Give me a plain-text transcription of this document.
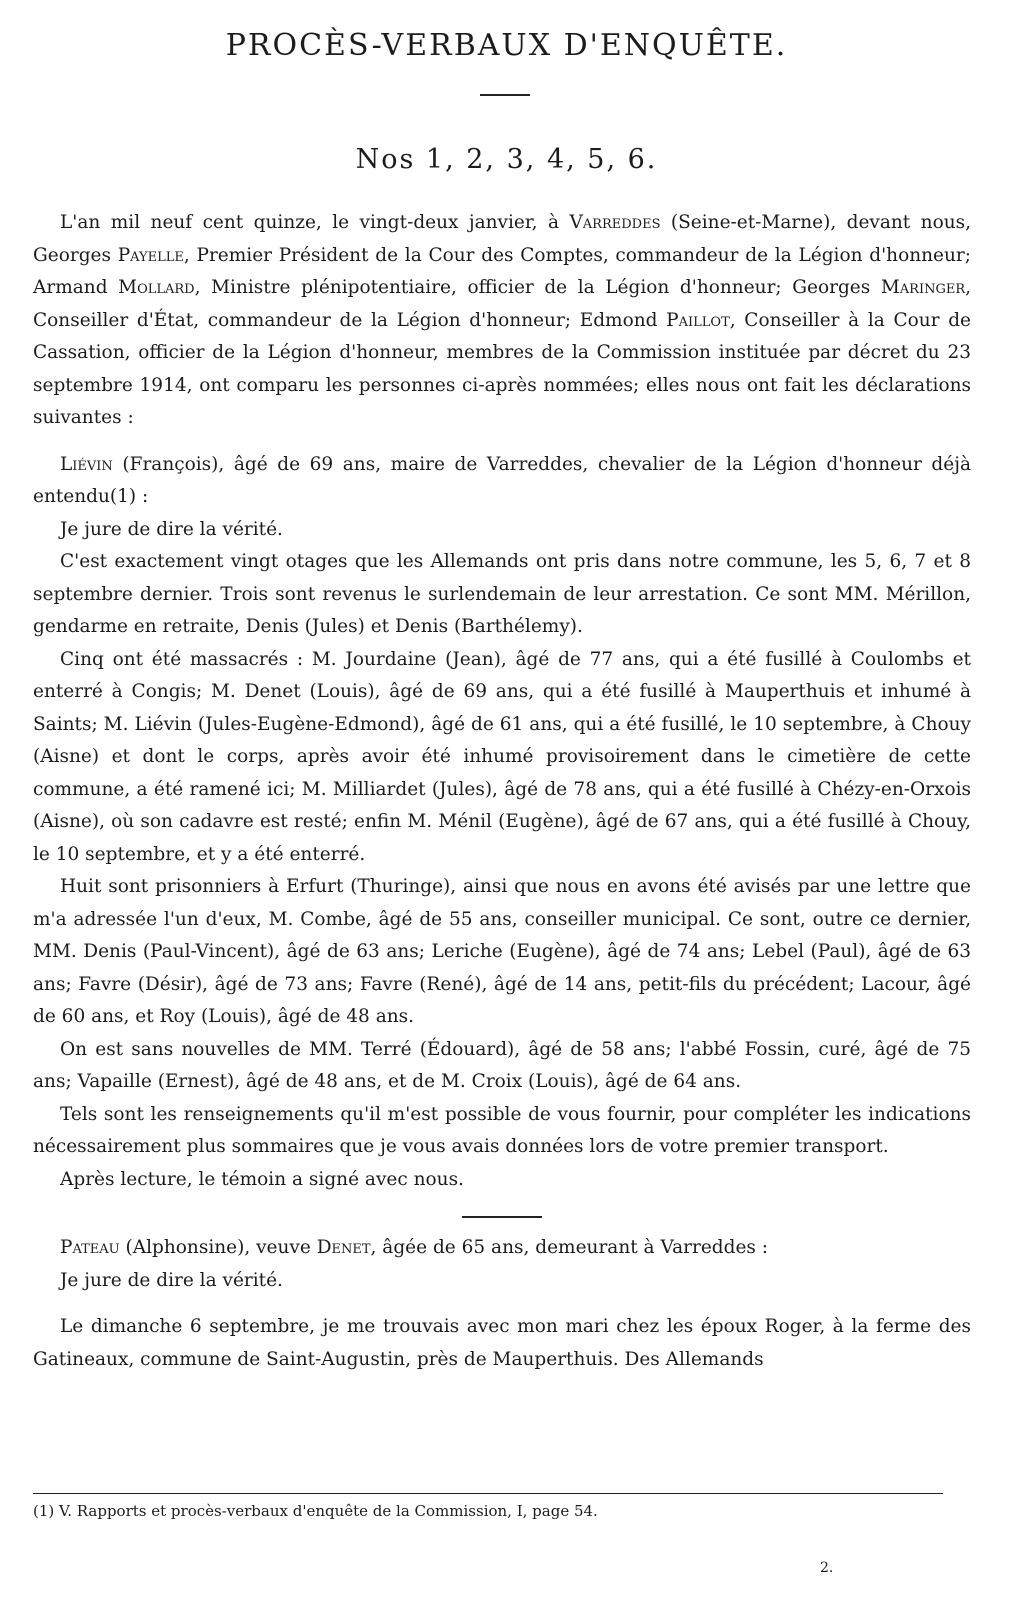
PROCÈS-VERBAUX D'ENQUÊTE.
Nos 1, 2, 3, 4, 5, 6.

L'an mil neuf cent quinze, le vingt-deux janvier, à Varreddes (Seine-et-Marne), devant nous, Georges Payelle, Premier Président de la Cour des Comptes, commandeur de la Légion d'honneur; Armand Mollard, Ministre plénipotentiaire, officier de la Légion d'honneur; Georges Maringer, Conseiller d'État, commandeur de la Légion d'honneur; Edmond Paillot, Conseiller à la Cour de Cassation, officier de la Légion d'honneur, membres de la Commission instituée par décret du 23 septembre 1914, ont comparu les personnes ci-après nommées; elles nous ont fait les déclarations suivantes :

Liévin (François), âgé de 69 ans, maire de Varreddes, chevalier de la Légion d'honneur déjà entendu(1) :

Je jure de dire la vérité.

C'est exactement vingt otages que les Allemands ont pris dans notre commune, les 5, 6, 7 et 8 septembre dernier. Trois sont revenus le surlendemain de leur arrestation. Ce sont MM. Mérillon, gendarme en retraite, Denis (Jules) et Denis (Barthélemy).

Cinq ont été massacrés : M. Jourdaine (Jean), âgé de 77 ans, qui a été fusillé à Coulombs et enterré à Congis; M. Denet (Louis), âgé de 69 ans, qui a été fusillé à Mauperthuis et inhumé à Saints; M. Liévin (Jules-Eugène-Edmond), âgé de 61 ans, qui a été fusillé, le 10 septembre, à Chouy (Aisne) et dont le corps, après avoir été inhumé provisoirement dans le cimetière de cette commune, a été ramené ici; M. Milliardet (Jules), âgé de 78 ans, qui a été fusillé à Chézy-en-Orxois (Aisne), où son cadavre est resté; enfin M. Ménil (Eugène), âgé de 67 ans, qui a été fusillé à Chouy, le 10 septembre, et y a été enterré.

Huit sont prisonniers à Erfurt (Thuringe), ainsi que nous en avons été avisés par une lettre que m'a adressée l'un d'eux, M. Combe, âgé de 55 ans, conseiller municipal. Ce sont, outre ce dernier, MM. Denis (Paul-Vincent), âgé de 63 ans; Leriche (Eugène), âgé de 74 ans; Lebel (Paul), âgé de 63 ans; Favre (Désir), âgé de 73 ans; Favre (René), âgé de 14 ans, petit-fils du précédent; Lacour, âgé de 60 ans, et Roy (Louis), âgé de 48 ans.

On est sans nouvelles de MM. Terré (Édouard), âgé de 58 ans; l'abbé Fossin, curé, âgé de 75 ans; Vapaille (Ernest), âgé de 48 ans, et de M. Croix (Louis), âgé de 64 ans.

Tels sont les renseignements qu'il m'est possible de vous fournir, pour compléter les indications nécessairement plus sommaires que je vous avais données lors de votre premier transport.

Après lecture, le témoin a signé avec nous.

Pateau (Alphonsine), veuve Denet, âgée de 65 ans, demeurant à Varreddes :

Je jure de dire la vérité.

Le dimanche 6 septembre, je me trouvais avec mon mari chez les époux Roger, à la ferme des Gatineaux, commune de Saint-Augustin, près de Mauperthuis. Des Allemands

(1) V. Rapports et procès-verbaux d'enquête de la Commission, I, page 54.
2.
